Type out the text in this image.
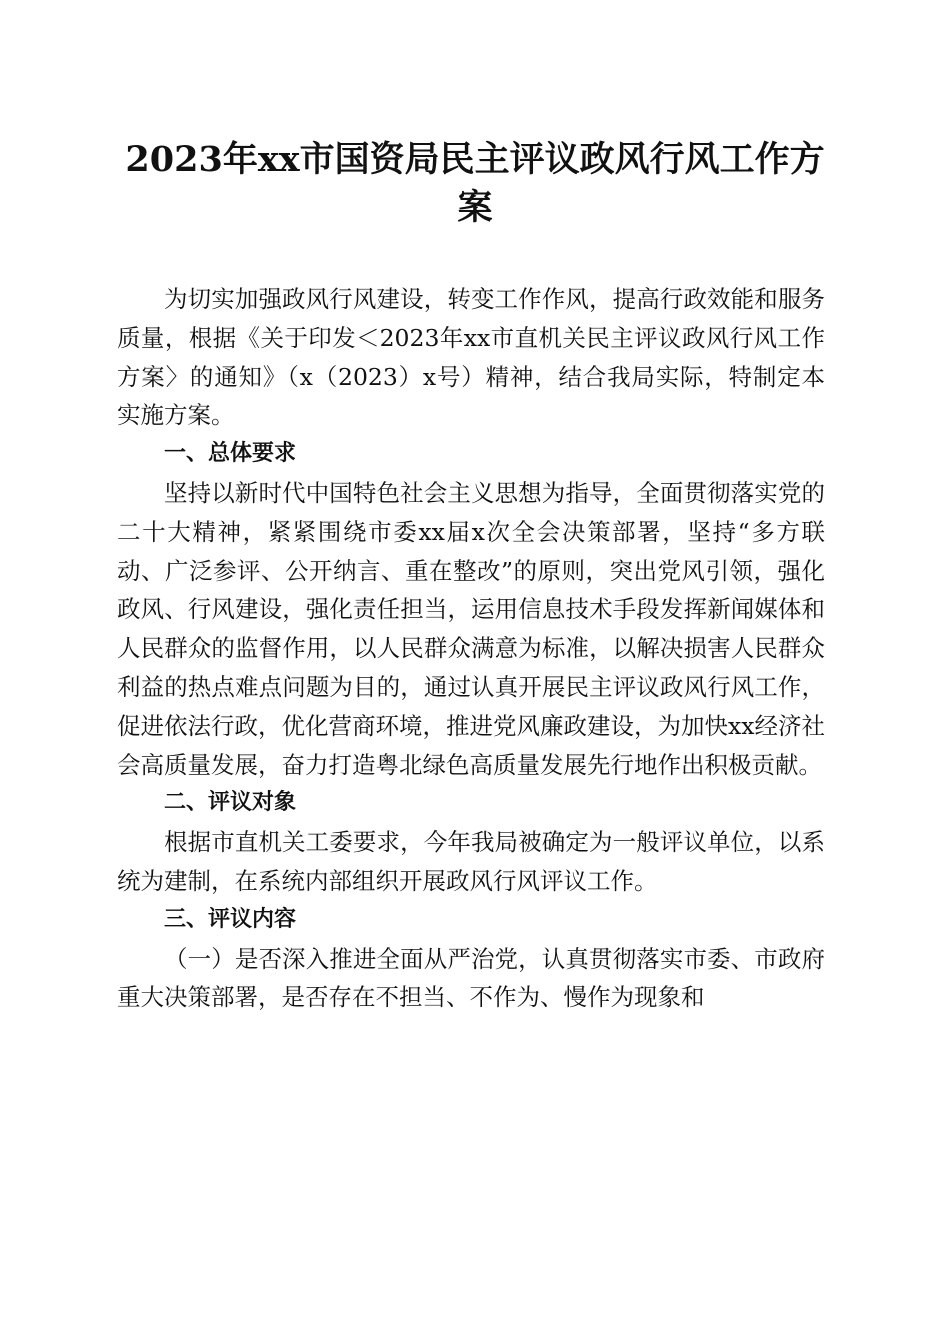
2023年xx市国资局民主评议政风行风工作方案

为切实加强政风行风建设，转变工作作风，提高行政效能和服务质量，根据《关于印发＜2023年xx市直机关民主评议政风行风工作方案〉的通知》（x（2023）x号）精神，结合我局实际，特制定本实施方案。

一、总体要求

坚持以新时代中国特色社会主义思想为指导，全面贯彻落实党的二十大精神，紧紧围绕市委xx届x次全会决策部署，坚持“多方联动、广泛参评、公开纳言、重在整改”的原则，突出党风引领，强化政风、行风建设，强化责任担当，运用信息技术手段发挥新闻媒体和人民群众的监督作用，以人民群众满意为标准，以解决损害人民群众利益的热点难点问题为目的，通过认真开展民主评议政风行风工作，促进依法行政，优化营商环境，推进党风廉政建设，为加快xx经济社会高质量发展，奋力打造粤北绿色高质量发展先行地作出积极贡献。

二、评议对象

根据市直机关工委要求，今年我局被确定为一般评议单位，以系统为建制，在系统内部组织开展政风行风评议工作。

三、评议内容

（一）是否深入推进全面从严治党，认真贯彻落实市委、市政府重大决策部署，是否存在不担当、不作为、慢作为现象和
